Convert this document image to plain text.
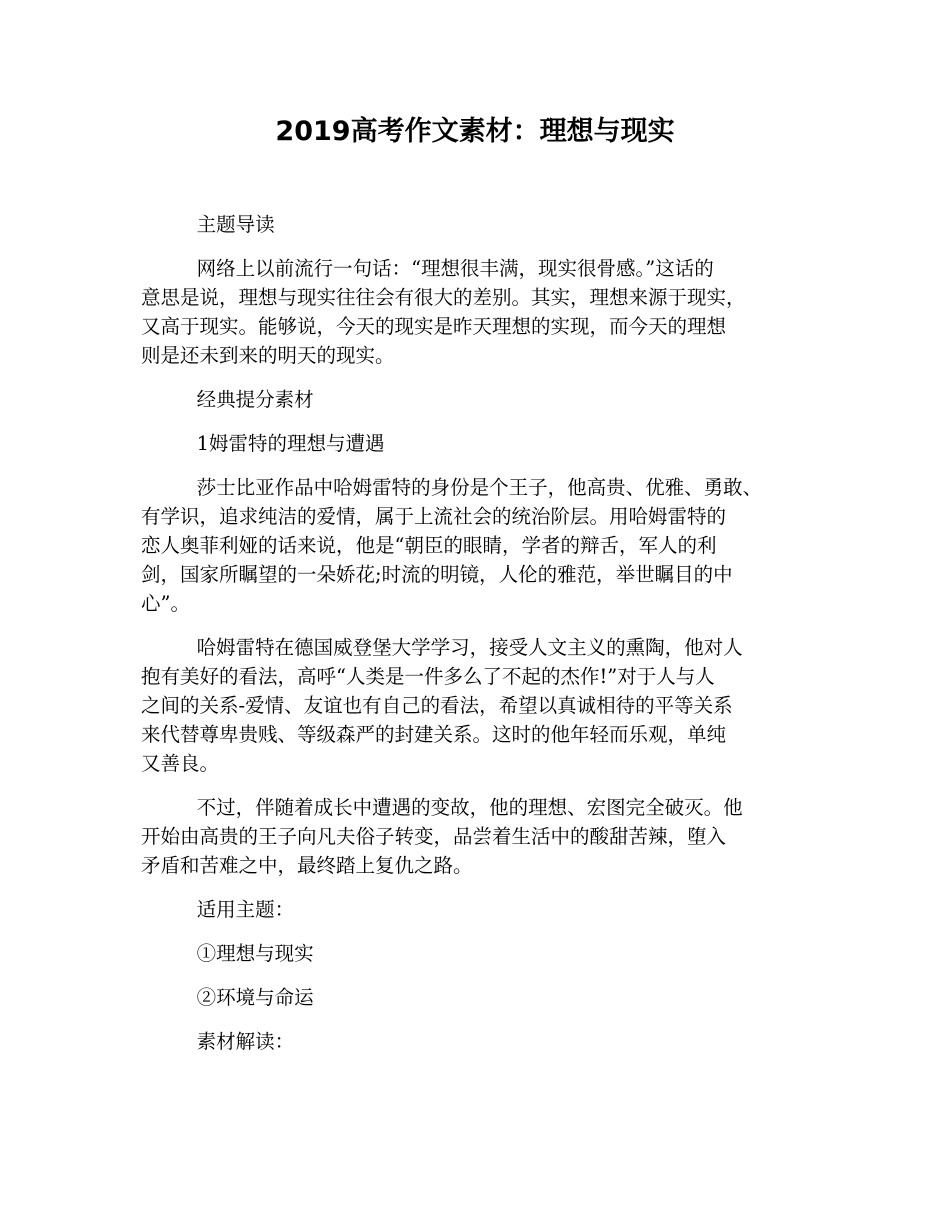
2019高考作文素材：理想与现实

主题导读

网络上以前流行一句话：“理想很丰满，现实很骨感。”这话的
意思是说，理想与现实往往会有很大的差别。其实，理想来源于现实，
又高于现实。能够说，今天的现实是昨天理想的实现，而今天的理想
则是还未到来的明天的现实。

经典提分素材

1姆雷特的理想与遭遇

莎士比亚作品中哈姆雷特的身份是个王子，他高贵、优雅、勇敢、
有学识，追求纯洁的爱情，属于上流社会的统治阶层。用哈姆雷特的
恋人奥菲利娅的话来说，他是“朝臣的眼睛，学者的辩舌，军人的利
剑，国家所瞩望的一朵娇花;时流的明镜，人伦的雅范，举世瞩目的中
心”。

哈姆雷特在德国威登堡大学学习，接受人文主义的熏陶，他对人
抱有美好的看法，高呼“人类是一件多么了不起的杰作!”对于人与人
之间的关系-爱情、友谊也有自己的看法，希望以真诚相待的平等关系
来代替尊卑贵贱、等级森严的封建关系。这时的他年轻而乐观，单纯
又善良。

不过，伴随着成长中遭遇的变故，他的理想、宏图完全破灭。他
开始由高贵的王子向凡夫俗子转变，品尝着生活中的酸甜苦辣，堕入
矛盾和苦难之中，最终踏上复仇之路。

适用主题：

①理想与现实

②环境与命运

素材解读：
